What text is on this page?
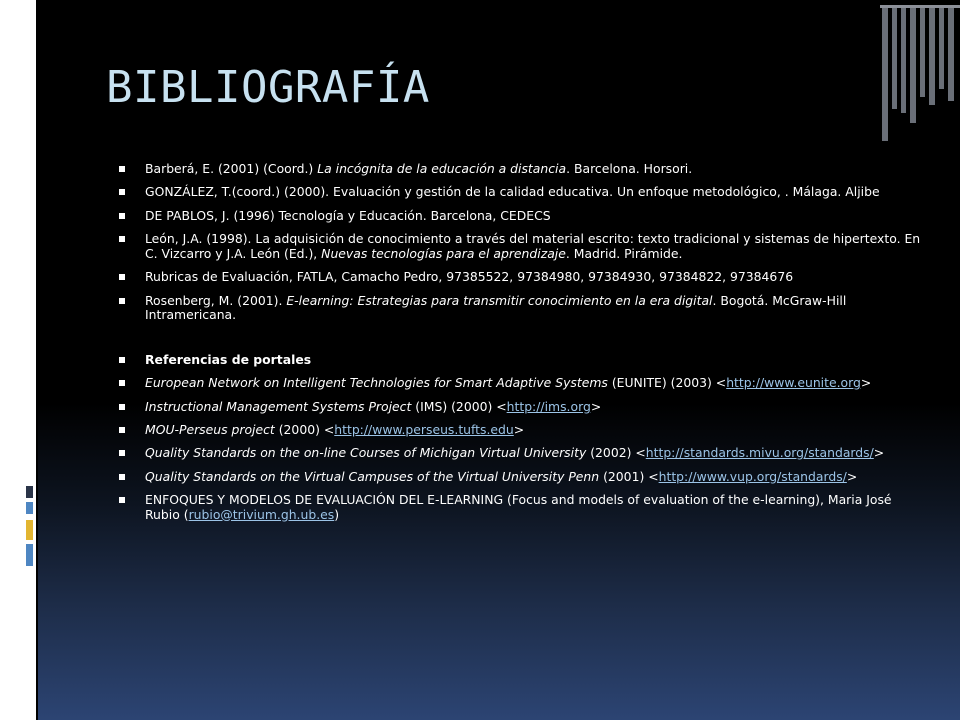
BIBLIOGRAFÍA
Barberá, E. (2001) (Coord.) La incógnita de la educación a distancia. Barcelona. Horsori.
GONZÁLEZ, T.(coord.) (2000). Evaluación y gestión de la calidad educativa. Un enfoque metodológico, . Málaga. Aljibe
DE PABLOS, J. (1996) Tecnología y Educación. Barcelona, CEDECS
León, J.A. (1998). La adquisición de conocimiento a través del material escrito: texto tradicional y sistemas de hipertexto. En C. Vizcarro y J.A. León (Ed.), Nuevas tecnologías para el aprendizaje. Madrid. Pirámide.
Rubricas de Evaluación, FATLA, Camacho Pedro, 97385522, 97384980, 97384930, 97384822, 97384676
Rosenberg, M. (2001). E-learning: Estrategias para transmitir conocimiento en la era digital. Bogotá. McGraw-Hill Intramericana.
Referencias de portales
European Network on Intelligent Technologies for Smart Adaptive Systems (EUNITE) (2003) <http://www.eunite.org>
Instructional Management Systems Project (IMS) (2000) <http://ims.org>
MOU-Perseus project (2000) <http://www.perseus.tufts.edu>
Quality Standards on the on-line Courses of Michigan Virtual University (2002) <http://standards.mivu.org/standards/>
Quality Standards on the Virtual Campuses of the Virtual University Penn (2001) <http://www.vup.org/standards/>
ENFOQUES Y MODELOS DE EVALUACIÓN DEL E-LEARNING (Focus and models of evaluation of the e-learning), Maria José Rubio (rubio@trivium.gh.ub.es)
